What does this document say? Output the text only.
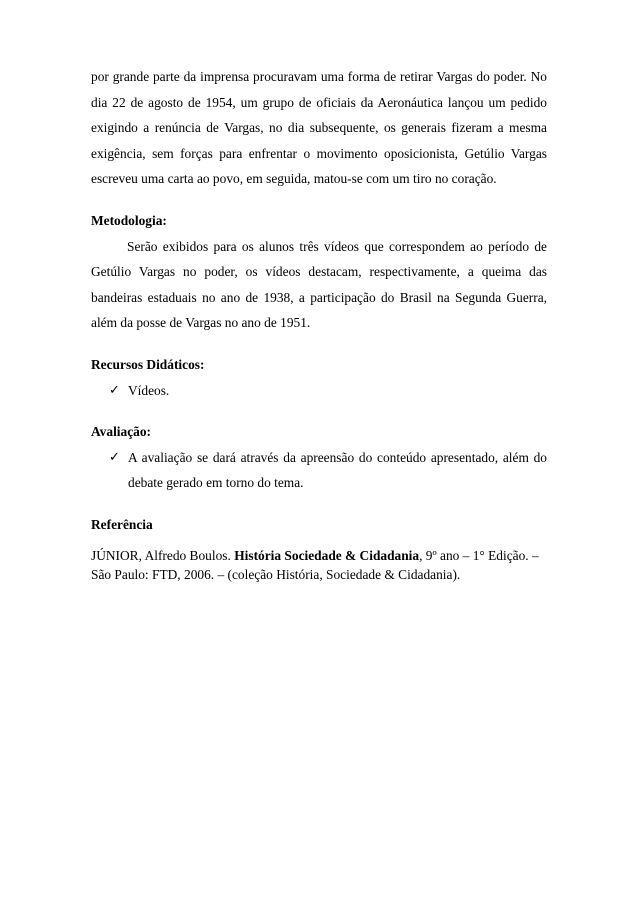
por grande parte da imprensa procuravam uma forma de retirar Vargas do poder. No dia 22 de agosto de 1954, um grupo de oficiais da Aeronáutica lançou um pedido exigindo a renúncia de Vargas, no dia subsequente, os generais fizeram a mesma exigência, sem forças para enfrentar o movimento oposicionista, Getúlio Vargas escreveu uma carta ao povo, em seguida, matou-se com um tiro no coração.

Metodologia:

Serão exibidos para os alunos três vídeos que correspondem ao período de Getúlio Vargas no poder, os vídeos destacam, respectivamente, a queima das bandeiras estaduais no ano de 1938, a participação do Brasil na Segunda Guerra, além da posse de Vargas no ano de 1951.

Recursos Didáticos:

✓ Vídeos.

Avaliação:

✓ A avaliação se dará através da apreensão do conteúdo apresentado, além do debate gerado em torno do tema.

Referência

JÚNIOR, Alfredo Boulos. História Sociedade & Cidadania, 9º ano – 1° Edição. – São Paulo: FTD, 2006. – (coleção História, Sociedade & Cidadania).
